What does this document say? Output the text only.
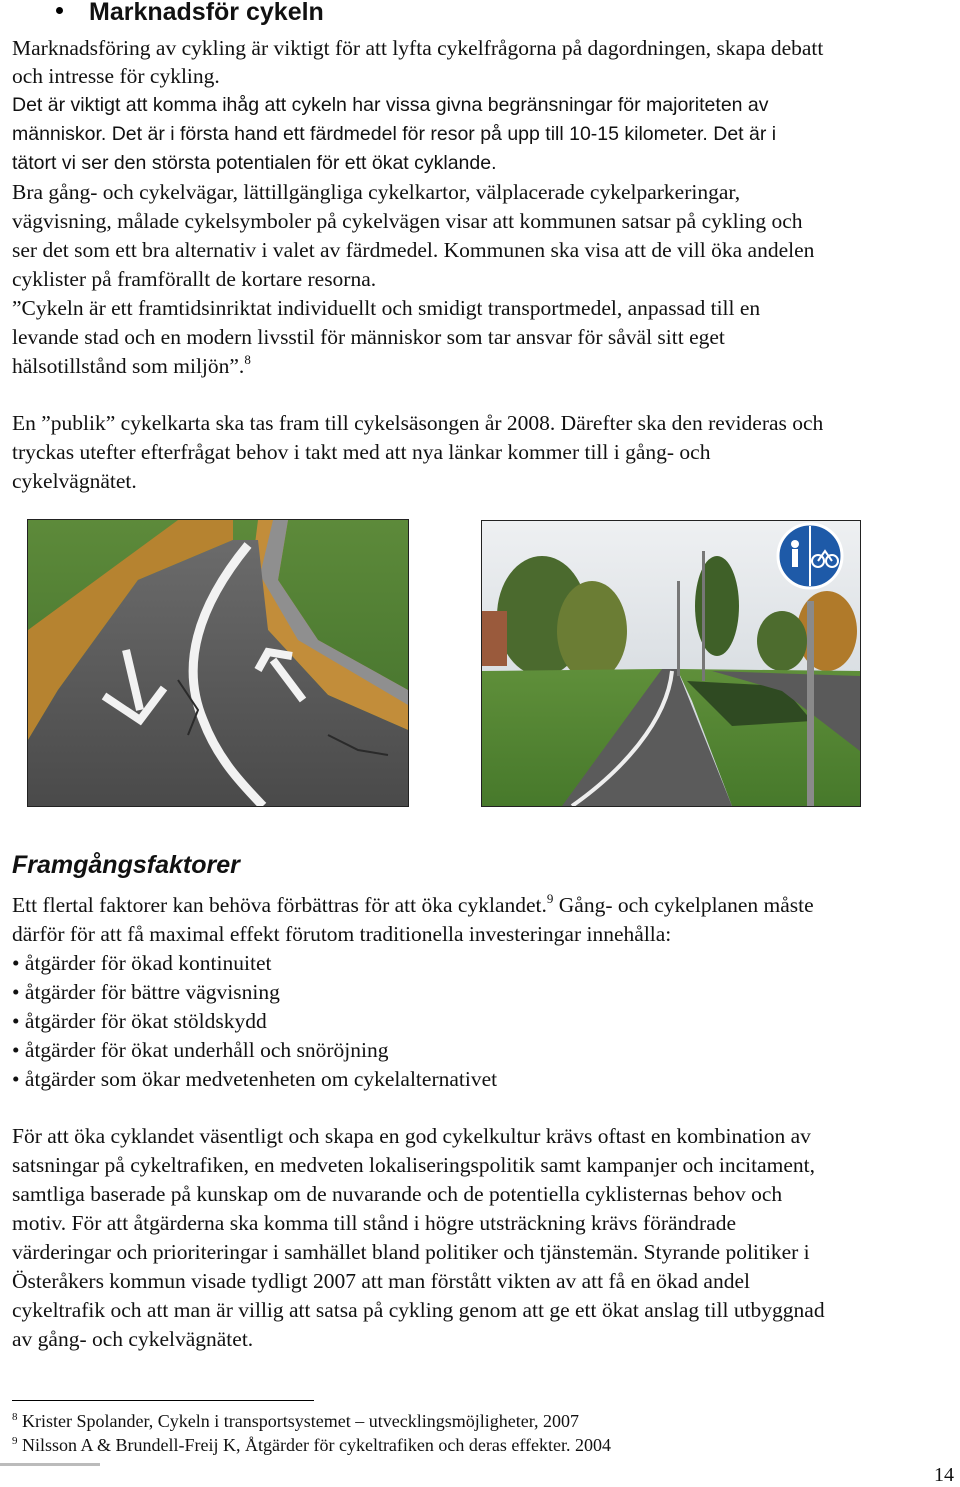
Marknadsför cykeln
Marknadsföring av cykling är viktigt för att lyfta cykelfrågorna på dagordningen, skapa debatt
och intresse för cykling.
Det är viktigt att komma ihåg att cykeln har vissa givna begränsningar för majoriteten av
människor. Det är i första hand ett färdmedel för resor på upp till 10-15 kilometer. Det är i
tätort vi ser den största potentialen för ett ökat cyklande.
Bra gång- och cykelvägar, lättillgängliga cykelkartor, välplacerade cykelparkeringar,
vägvisning, målade cykelsymboler på cykelvägen visar att kommunen satsar på cykling och
ser det som ett bra alternativ i valet av färdmedel. Kommunen ska visa att de vill öka andelen
cyklister på framförallt de kortare resorna.
”Cykeln är ett framtidsinriktat individuellt och smidigt transportmedel, anpassad till en
levande stad och en modern livsstil för människor som tar ansvar för såväl sitt eget
hälsotillstånd som miljön”.$^8$
En ”publik” cykelkarta ska tas fram till cykelsäsongen år 2008. Därefter ska den revideras och
tryckas utefter efterfrågat behov i takt med att nya länkar kommer till i gång- och
cykelvägnätet.
Framgångsfaktorer
Ett flertal faktorer kan behöva förbättras för att öka cyklandet.$^9$ Gång- och cykelplanen måste
därför för att få maximal effekt förutom traditionella investeringar innehålla:
• åtgärder för ökad kontinuitet
• åtgärder för bättre vägvisning
• åtgärder för ökat stöldskydd
• åtgärder för ökat underhåll och snöröjning
• åtgärder som ökar medvetenheten om cykelalternativet
För att öka cyklandet väsentligt och skapa en god cykelkultur krävs oftast en kombination av
satsningar på cykeltrafiken, en medveten lokaliseringspolitik samt kampanjer och incitament,
samtliga baserade på kunskap om de nuvarande och de potentiella cyklisternas behov och
motiv. För att åtgärderna ska komma till stånd i högre utsträckning krävs förändrade
värderingar och prioriteringar i samhället bland politiker och tjänstemän. Styrande politiker i
Österåkers kommun visade tydligt 2007 att man förstått vikten av att få en ökad andel
cykeltrafik och att man är villig att satsa på cykling genom att ge ett ökat anslag till utbyggnad
av gång- och cykelvägnätet.
$^8$ Krister Spolander, Cykeln i transportsystemet – utvecklingsmöjligheter, 2007
$^9$ Nilsson A & Brundell-Freij K, Åtgärder för cykeltrafiken och deras effekter. 2004
14
